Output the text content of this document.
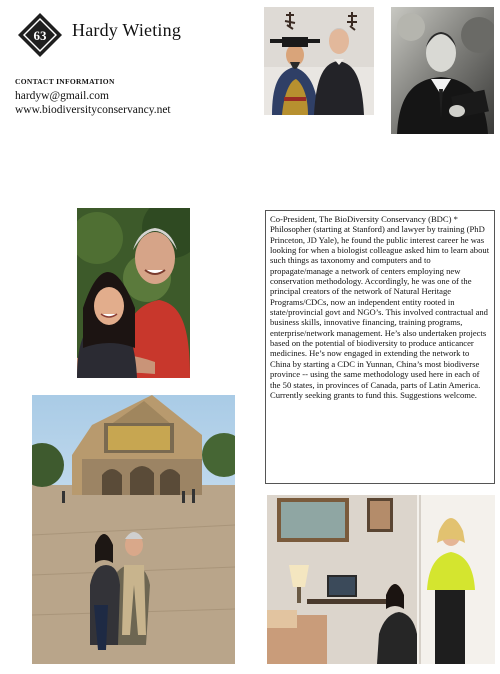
63 Hardy Wieting
CONTACT INFORMATION
hardyw@gmail.com
www.biodiversityconservancy.net
Co-President, The BioDiversity Conservancy (BDC) * Philosopher (starting at Stanford) and lawyer by training (PhD Princeton, JD Yale), he found the public interest career he was looking for when a biologist colleague asked him to learn about such things as taxonomy and computers and to propagate/manage a network of centers employing new conservation methodology. Accordingly, he was one of the principal creators of the network of Natural Heritage Programs/CDCs, now an independent entity rooted in state/provincial govt and NGO’s. This involved contractual and business skills, innovative financing, training programs, enterprise/network management. He’s also undertaken projects based on the potential of biodiversity to produce anticancer medicines. He’s now engaged in extending the network to China by starting a CDC in Yunnan, China’s most biodiverse province -- using the same methodology used here in each of the 50 states, in provinces of Canada, parts of Latin America. Currently seeking grants to fund this. Suggestions welcome.
